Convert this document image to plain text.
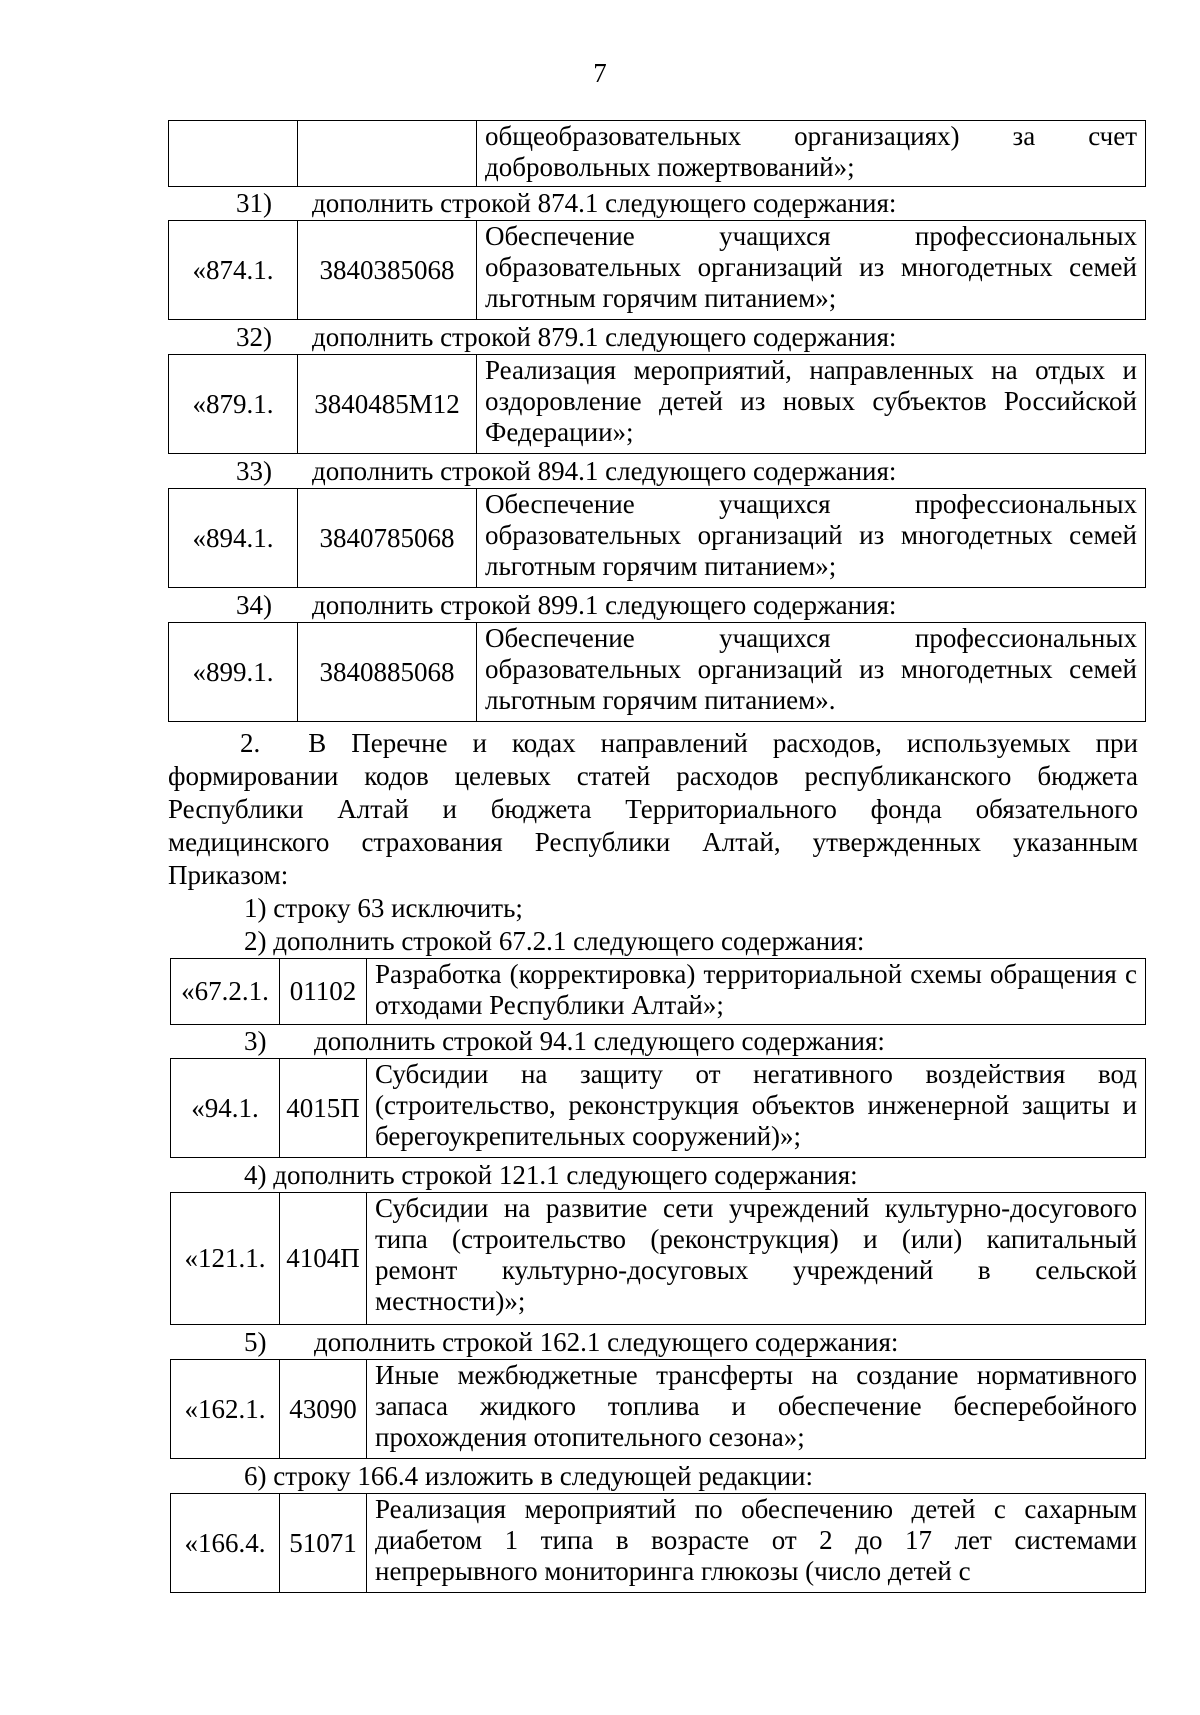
7
		общеобразовательных организациях) за счет добровольных пожертвований»;
31) дополнить строкой 874.1 следующего содержания:
«874.1.	3840385068	Обеспечение учащихся профессиональных образовательных организаций из многодетных семей льготным горячим питанием»;
32) дополнить строкой 879.1 следующего содержания:
«879.1.	3840485М12	Реализация мероприятий, направленных на отдых и оздоровление детей из новых субъектов Российской Федерации»;
33) дополнить строкой 894.1 следующего содержания:
«894.1.	3840785068	Обеспечение учащихся профессиональных образовательных организаций из многодетных семей льготным горячим питанием»;
34) дополнить строкой 899.1 следующего содержания:
«899.1.	3840885068	Обеспечение учащихся профессиональных образовательных организаций из многодетных семей льготным горячим питанием».
2. В Перечне и кодах направлений расходов, используемых при формировании кодов целевых статей расходов республиканского бюджета Республики Алтай и бюджета Территориального фонда обязательного медицинского страхования Республики Алтай, утвержденных указанным Приказом:
1) строку 63 исключить;
2) дополнить строкой 67.2.1 следующего содержания:
«67.2.1.	01102	Разработка (корректировка) территориальной схемы обращения с отходами Республики Алтай»;
3) дополнить строкой 94.1 следующего содержания:
«94.1.	4015П	Субсидии на защиту от негативного воздействия вод (строительство, реконструкция объектов инженерной защиты и берегоукрепительных сооружений)»;
4) дополнить строкой 121.1 следующего содержания:
«121.1.	4104П	Субсидии на развитие сети учреждений культурно-досугового типа (строительство (реконструкция) и (или) капитальный ремонт культурно-досуговых учреждений в сельской местности)»;
5) дополнить строкой 162.1 следующего содержания:
«162.1.	43090	Иные межбюджетные трансферты на создание нормативного запаса жидкого топлива и обеспечение бесперебойного прохождения отопительного сезона»;
6) строку 166.4 изложить в следующей редакции:
«166.4.	51071	Реализация мероприятий по обеспечению детей с сахарным диабетом 1 типа в возрасте от 2 до 17 лет системами непрерывного мониторинга глюкозы (число детей с
